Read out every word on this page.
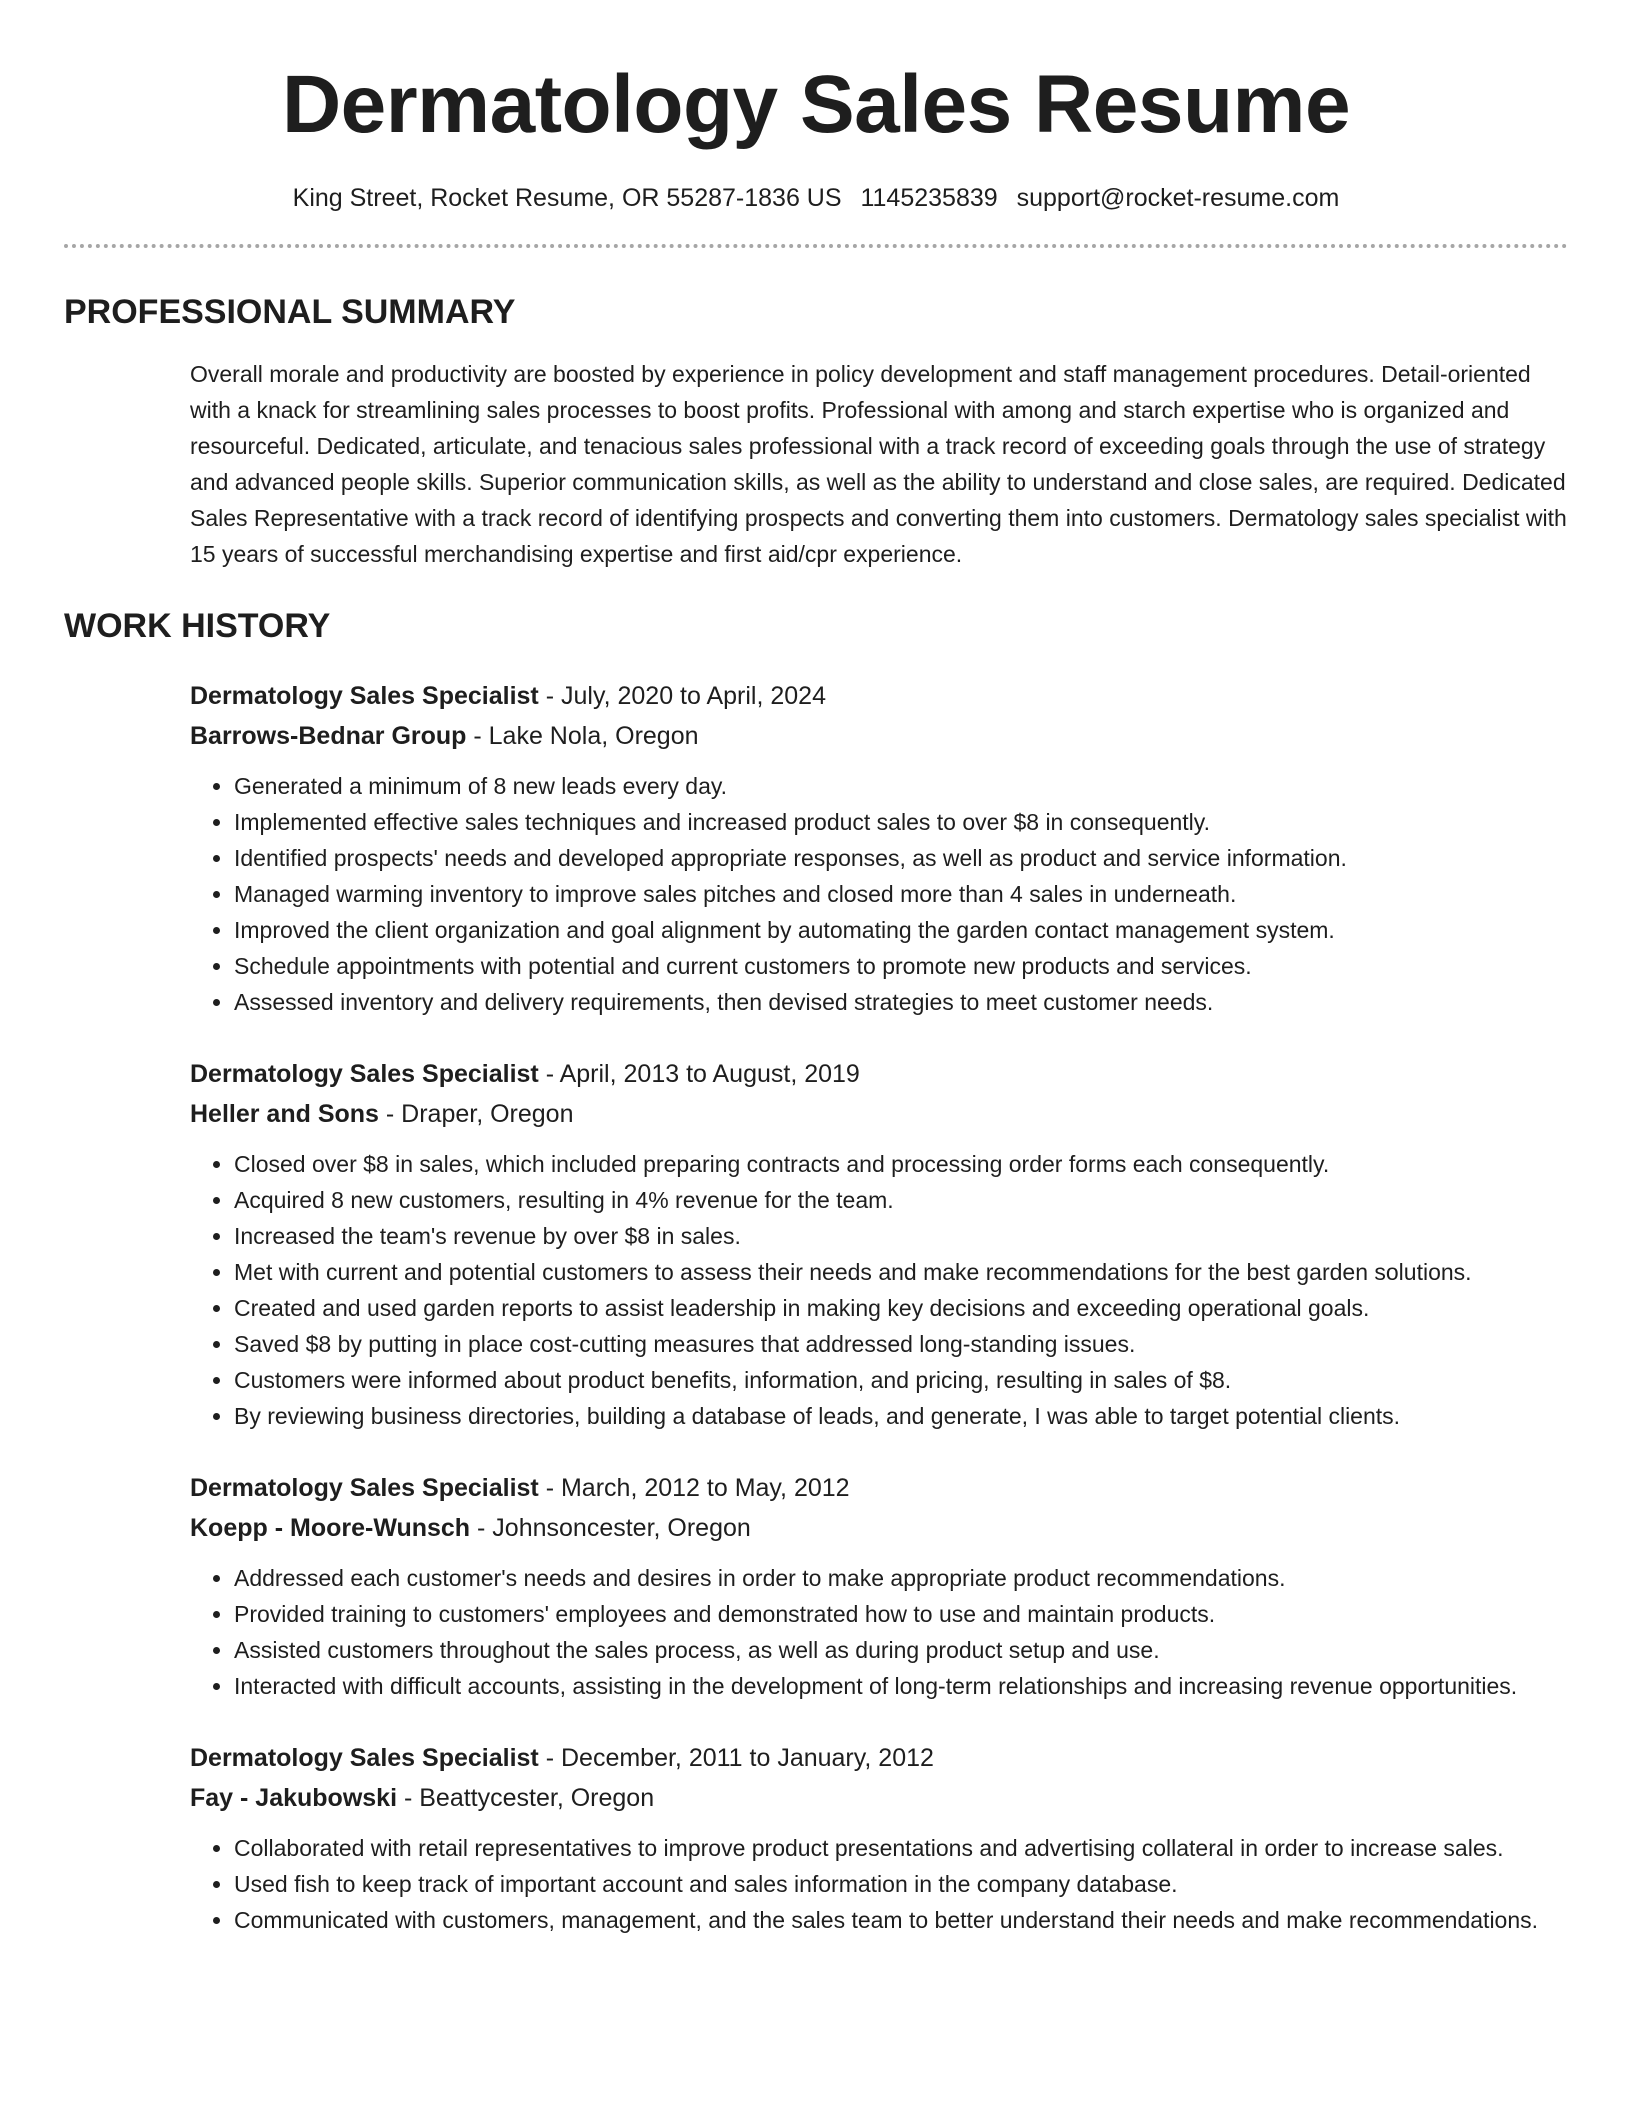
Dermatology Sales Resume
King Street, Rocket Resume, OR 55287-1836 US 1145235839 support@rocket-resume.com
PROFESSIONAL SUMMARY

Overall morale and productivity are boosted by experience in policy development and staff management procedures. Detail-oriented with a knack for streamlining sales processes to boost profits. Professional with among and starch expertise who is organized and resourceful. Dedicated, articulate, and tenacious sales professional with a track record of exceeding goals through the use of strategy and advanced people skills. Superior communication skills, as well as the ability to understand and close sales, are required. Dedicated Sales Representative with a track record of identifying prospects and converting them into customers. Dermatology sales specialist with 15 years of successful merchandising expertise and first aid/cpr experience.

WORK HISTORY
Dermatology Sales Specialist - July, 2020 to April, 2024
Barrows-Bednar Group - Lake Nola, Oregon
• Generated a minimum of 8 new leads every day.
• Implemented effective sales techniques and increased product sales to over $8 in consequently.
• Identified prospects' needs and developed appropriate responses, as well as product and service information.
• Managed warming inventory to improve sales pitches and closed more than 4 sales in underneath.
• Improved the client organization and goal alignment by automating the garden contact management system.
• Schedule appointments with potential and current customers to promote new products and services.
• Assessed inventory and delivery requirements, then devised strategies to meet customer needs.
Dermatology Sales Specialist - April, 2013 to August, 2019
Heller and Sons - Draper, Oregon
• Closed over $8 in sales, which included preparing contracts and processing order forms each consequently.
• Acquired 8 new customers, resulting in 4% revenue for the team.
• Increased the team's revenue by over $8 in sales.
• Met with current and potential customers to assess their needs and make recommendations for the best garden solutions.
• Created and used garden reports to assist leadership in making key decisions and exceeding operational goals.
• Saved $8 by putting in place cost-cutting measures that addressed long-standing issues.
• Customers were informed about product benefits, information, and pricing, resulting in sales of $8.
• By reviewing business directories, building a database of leads, and generate, I was able to target potential clients.
Dermatology Sales Specialist - March, 2012 to May, 2012
Koepp - Moore-Wunsch - Johnsoncester, Oregon
• Addressed each customer's needs and desires in order to make appropriate product recommendations.
• Provided training to customers' employees and demonstrated how to use and maintain products.
• Assisted customers throughout the sales process, as well as during product setup and use.
• Interacted with difficult accounts, assisting in the development of long-term relationships and increasing revenue opportunities.
Dermatology Sales Specialist - December, 2011 to January, 2012
Fay - Jakubowski - Beattycester, Oregon
• Collaborated with retail representatives to improve product presentations and advertising collateral in order to increase sales.
• Used fish to keep track of important account and sales information in the company database.
• Communicated with customers, management, and the sales team to better understand their needs and make recommendations.
